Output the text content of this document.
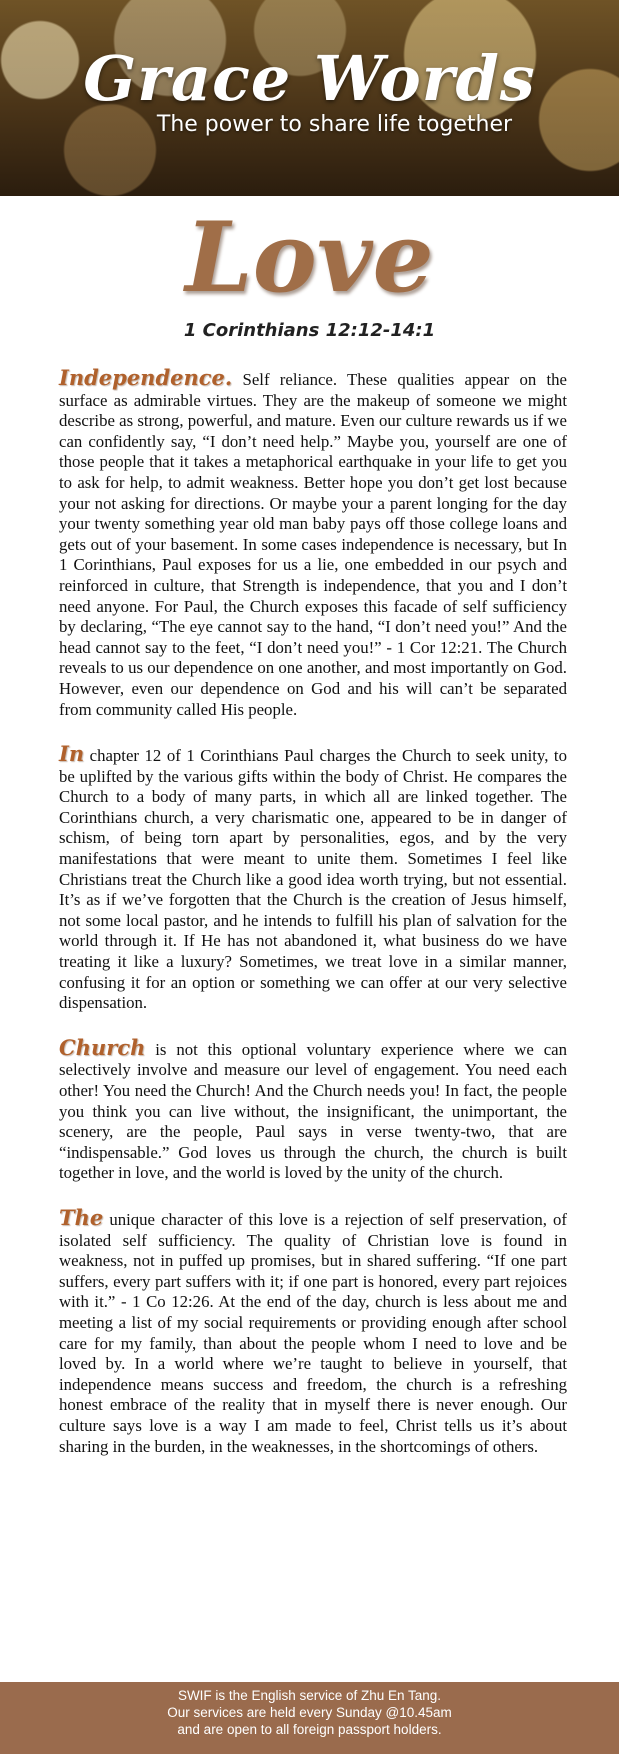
Grace Words
The power to share life together
Love
1 Corinthians 12:12-14:1

Independence. Self reliance. These qualities appear on the surface as admirable virtues. They are the makeup of someone we might describe as strong, powerful, and mature. Even our culture rewards us if we can confidently say, “I don’t need help.” Maybe you, yourself are one of those people that it takes a metaphorical earthquake in your life to get you to ask for help, to admit weakness. Better hope you don’t get lost because your not asking for directions. Or maybe your a parent longing for the day your twenty something year old man baby pays off those college loans and gets out of your basement. In some cases independence is necessary, but In 1 Corinthians, Paul exposes for us a lie, one embedded in our psych and reinforced in culture, that Strength is independence, that you and I don’t need anyone. For Paul, the Church exposes this facade of self sufficiency by declaring, “The eye cannot say to the hand, “I don’t need you!” And the head cannot say to the feet, “I don’t need you!” - 1 Cor 12:21. The Church reveals to us our dependence on one another, and most importantly on God. However, even our dependence on God and his will can’t be separated from community called His people.

In chapter 12 of 1 Corinthians Paul charges the Church to seek unity, to be uplifted by the various gifts within the body of Christ. He compares the Church to a body of many parts, in which all are linked together. The Corinthians church, a very charismatic one, appeared to be in danger of schism, of being torn apart by personalities, egos, and by the very manifestations that were meant to unite them. Sometimes I feel like Christians treat the Church like a good idea worth trying, but not essential. It’s as if we’ve forgotten that the Church is the creation of Jesus himself, not some local pastor, and he intends to fulfill his plan of salvation for the world through it. If He has not abandoned it, what business do we have treating it like a luxury? Sometimes, we treat love in a similar manner, confusing it for an option or something we can offer at our very selective dispensation.

Church is not this optional voluntary experience where we can selectively involve and measure our level of engagement. You need each other! You need the Church! And the Church needs you! In fact, the people you think you can live without, the insignificant, the unimportant, the scenery, are the people, Paul says in verse twenty-two, that are “indispensable.” God loves us through the church, the church is built together in love, and the world is loved by the unity of the church.

The unique character of this love is a rejection of self preservation, of isolated self sufficiency. The quality of Christian love is found in weakness, not in puffed up promises, but in shared suffering. “If one part suffers, every part suffers with it; if one part is honored, every part rejoices with it.” - 1 Co 12:26. At the end of the day, church is less about me and meeting a list of my social requirements or providing enough after school care for my family, than about the people whom I need to love and be loved by. In a world where we’re taught to believe in yourself, that independence means success and freedom, the church is a refreshing honest embrace of the reality that in myself there is never enough. Our culture says love is a way I am made to feel, Christ tells us it’s about sharing in the burden, in the weaknesses, in the shortcomings of others.

SWIF is the English service of Zhu En Tang.
Our services are held every Sunday @10.45am
and are open to all foreign passport holders.
